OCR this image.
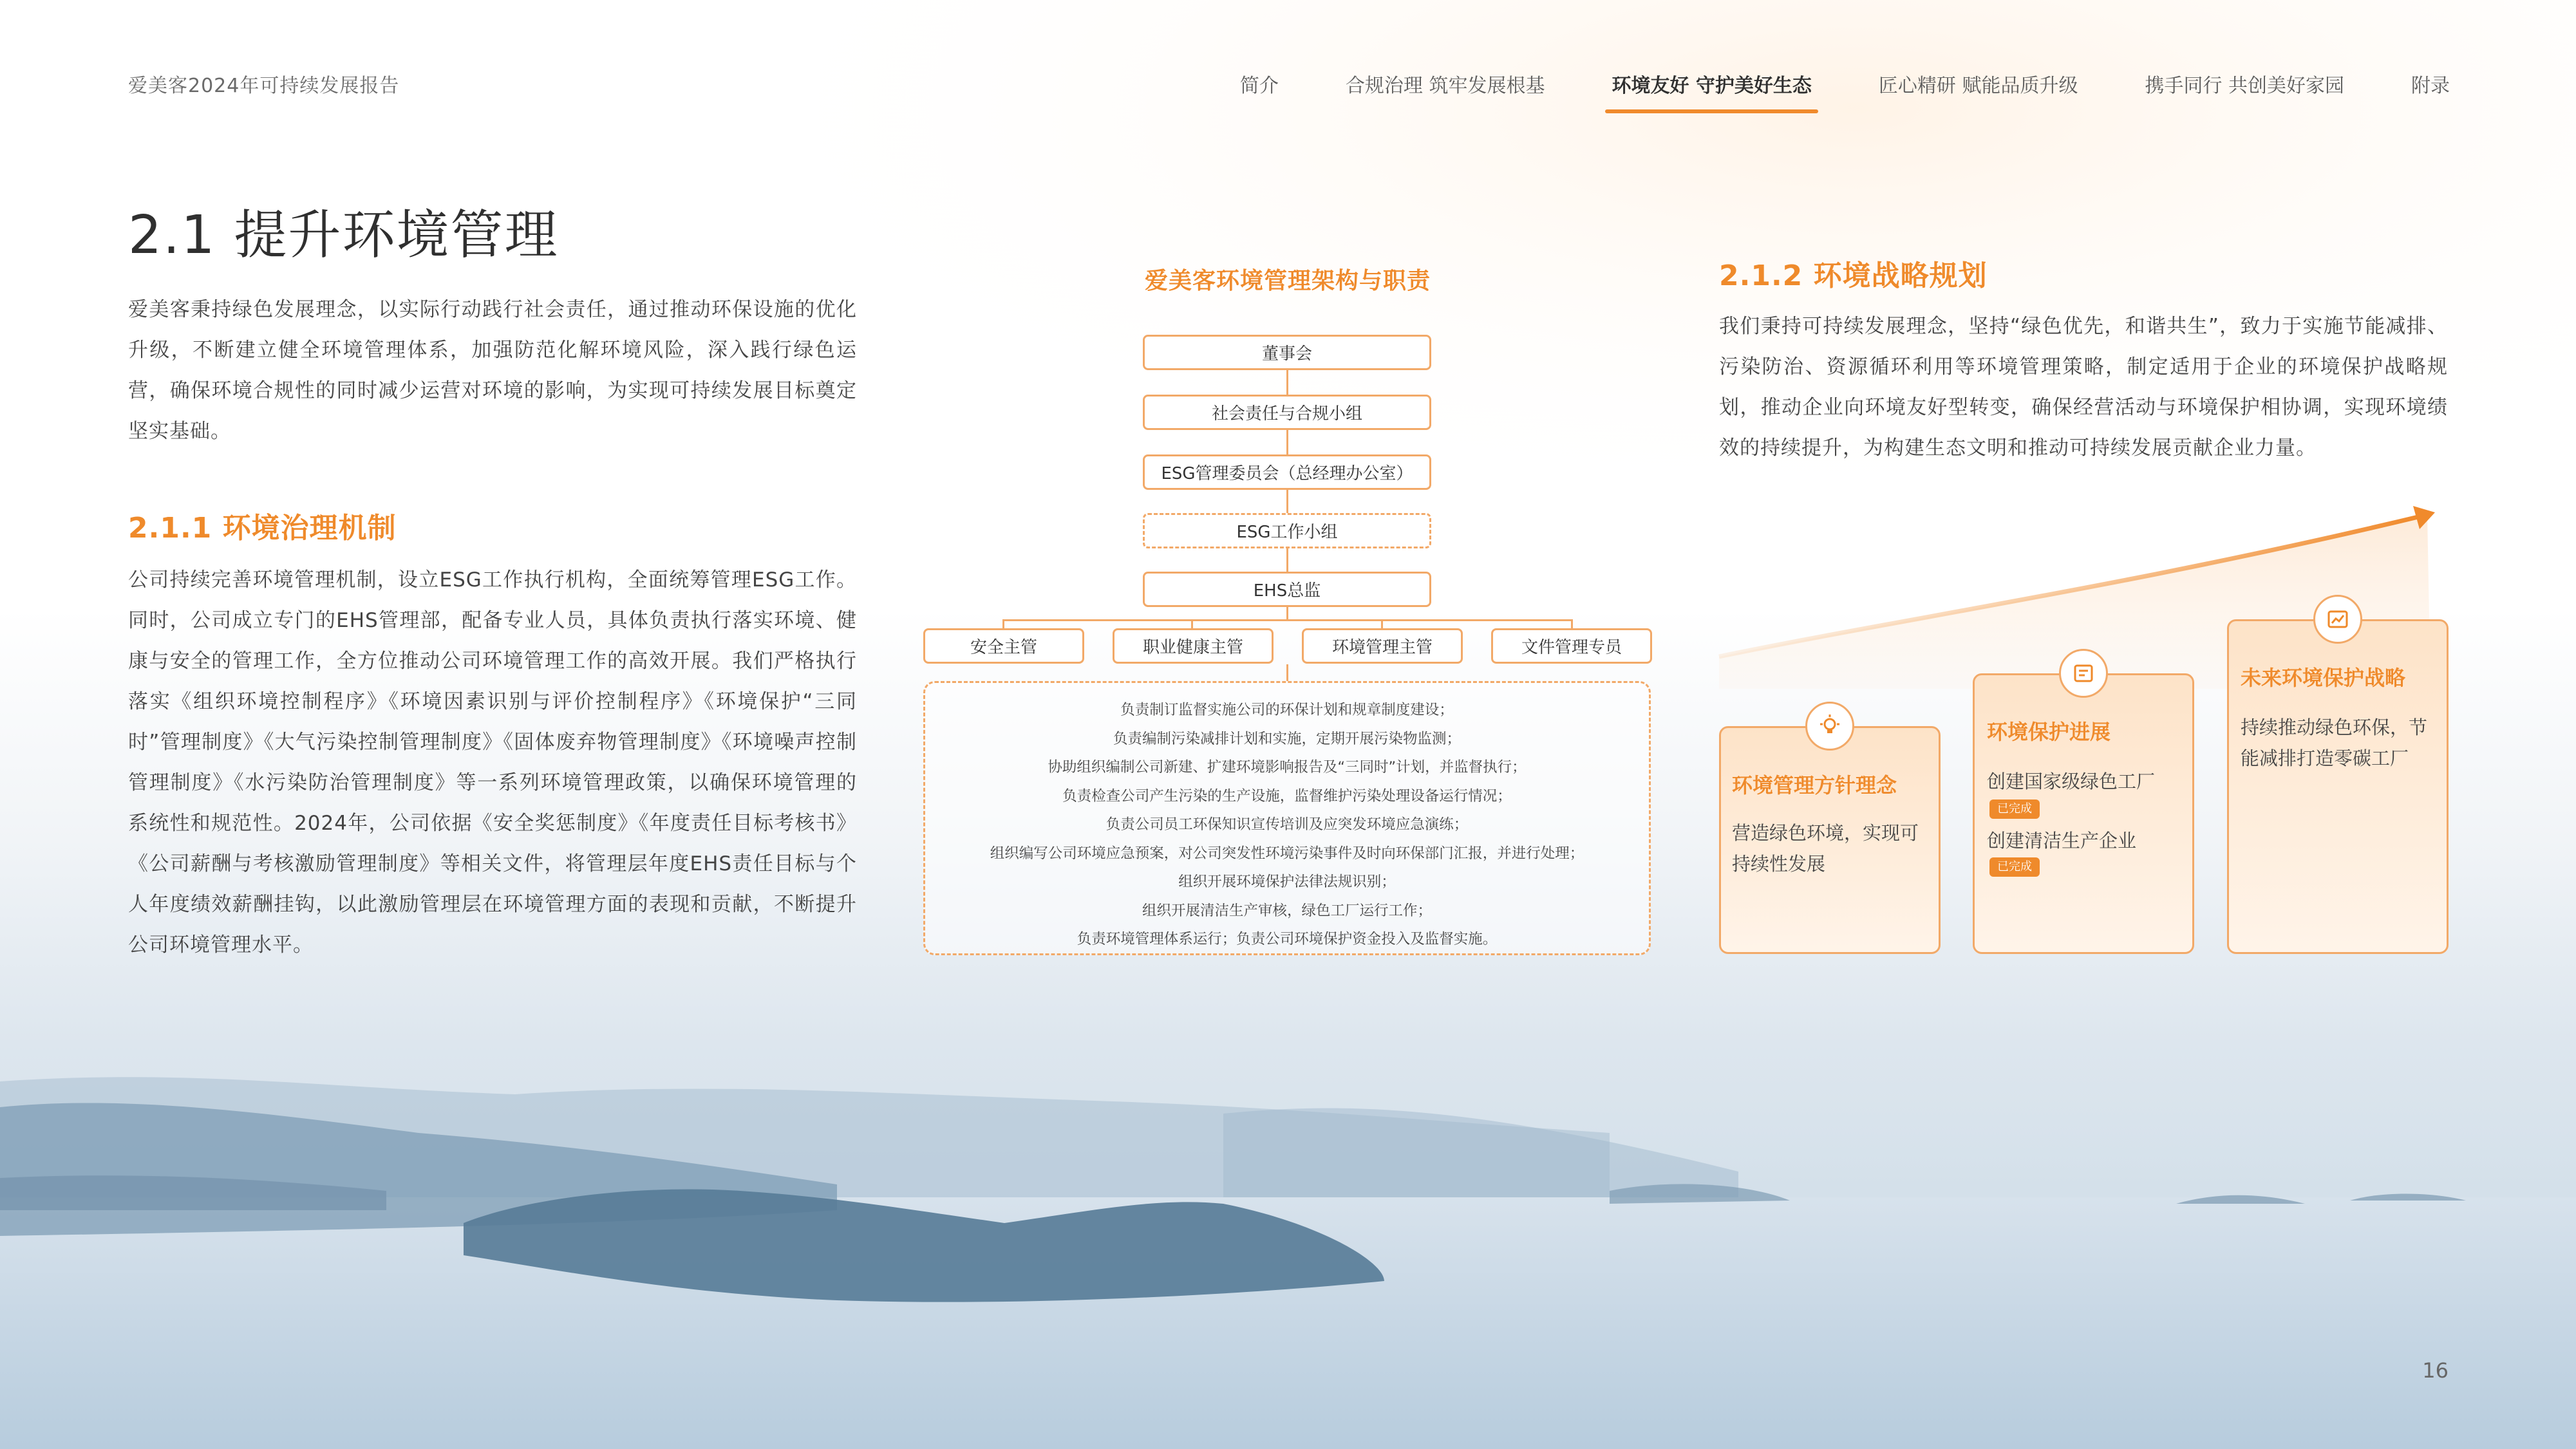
爱美客2024年可持续发展报告	简介	合规治理 筑牢发展根基	环境友好 守护美好生态	匠心精研 赋能品质升级	携手同行 共创美好家园	附录
2.1 提升环境管理
爱美客秉持绿色发展理念，以实际行动践行社会责任，通过推动环保设施的优化升级，不断建立健全环境管理体系，加强防范化解环境风险，深入践行绿色运营，确保环境合规性的同时减少运营对环境的影响，为实现可持续发展目标奠定坚实基础。
2.1.1 环境治理机制
公司持续完善环境管理机制，设立ESG工作执行机构，全面统筹管理ESG工作。同时，公司成立专门的EHS管理部，配备专业人员，具体负责执行落实环境、健康与安全的管理工作，全方位推动公司环境管理工作的高效开展。我们严格执行落实《组织环境控制程序》《环境因素识别与评价控制程序》《环境保护“三同时”管理制度》《大气污染控制管理制度》《固体废弃物管理制度》《环境噪声控制管理制度》《水污染防治管理制度》等一系列环境管理政策，以确保环境管理的系统性和规范性。2024年，公司依据《安全奖惩制度》《年度责任目标考核书》《公司薪酬与考核激励管理制度》等相关文件，将管理层年度EHS责任目标与个人年度绩效薪酬挂钩，以此激励管理层在环境管理方面的表现和贡献，不断提升公司环境管理水平。
爱美客环境管理架构与职责
董事会
社会责任与合规小组
ESG管理委员会（总经理办公室）
ESG工作小组
EHS总监
安全主管	职业健康主管	环境管理主管	文件管理专员
负责制订监督实施公司的环保计划和规章制度建设；
负责编制污染减排计划和实施，定期开展污染物监测；
协助组织编制公司新建、扩建环境影响报告及“三同时”计划，并监督执行；
负责检查公司产生污染的生产设施，监督维护污染处理设备运行情况；
负责公司员工环保知识宣传培训及应突发环境应急演练；
组织编写公司环境应急预案，对公司突发性环境污染事件及时向环保部门汇报，并进行处理；
组织开展环境保护法律法规识别；
组织开展清洁生产审核，绿色工厂运行工作；
负责环境管理体系运行；负责公司环境保护资金投入及监督实施。
2.1.2 环境战略规划
我们秉持可持续发展理念，坚持“绿色优先，和谐共生”，致力于实施节能减排、污染防治、资源循环利用等环境管理策略，制定适用于企业的环境保护战略规划，推动企业向环境友好型转变，确保经营活动与环境保护相协调，实现环境绩效的持续提升，为构建生态文明和推动可持续发展贡献企业力量。
环境管理方针理念
营造绿色环境，实现可持续性发展
环境保护进展
创建国家级绿色工厂
已完成
创建清洁生产企业
已完成
未来环境保护战略
持续推动绿色环保，节能减排打造零碳工厂
16
